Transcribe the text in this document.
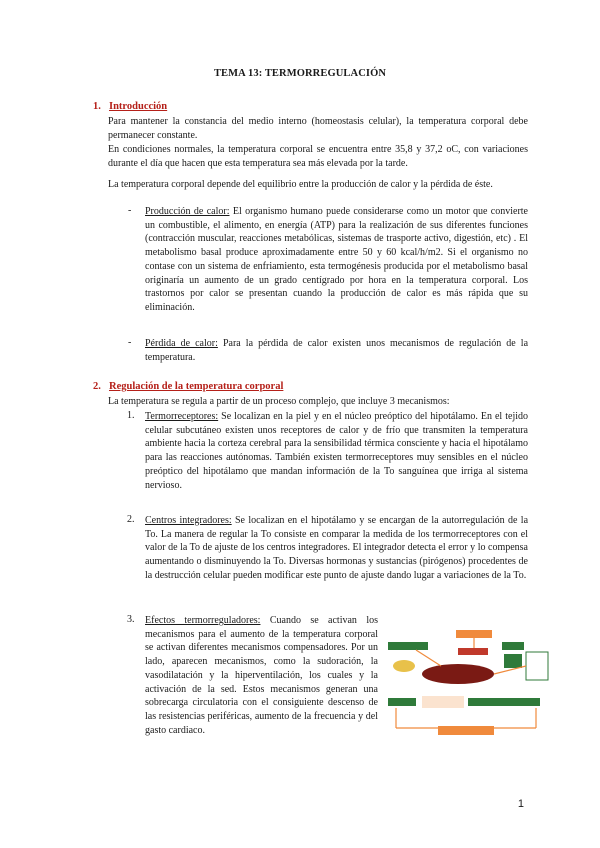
TEMA 13: TERMORREGULACIÓN
1. Introducción
Para mantener la constancia del medio interno (homeostasis celular), la temperatura corporal debe permanecer constante.
En condiciones normales, la temperatura corporal se encuentra entre 35,8 y 37,2 oC, con variaciones durante el día que hacen que esta temperatura sea más elevada por la tarde.
La temperatura corporal depende del equilibrio entre la producción de calor y la pérdida de éste.
- Producción de calor: El organismo humano puede considerarse como un motor que convierte un combustible, el alimento, en energía (ATP) para la realización de sus diferentes funciones (contracción muscular, reacciones metabólicas, sistemas de trasporte activo, digestión, etc) . El metabolismo basal produce aproximadamente entre 50 y 60 kcal/h/m2. Si el organismo no contase con un sistema de enfriamiento, esta termogénesis producida por el metabolismo basal originaría un aumento de un grado centígrado por hora en la temperatura corporal. Los trastornos por calor se presentan cuando la producción de calor es más rápida que su eliminación.
- Pérdida de calor: Para la pérdida de calor existen unos mecanismos de regulación de la temperatura.
2. Regulación de la temperatura corporal
La temperatura se regula a partir de un proceso complejo, que incluye 3 mecanismos:
1. Termorreceptores: Se localizan en la piel y en el núcleo preóptico del hipotálamo. En el tejido celular subcutáneo existen unos receptores de calor y de frío que transmiten la temperatura ambiente hacia la corteza cerebral para la sensibilidad térmica consciente y hacia el hipotálamo para las reacciones autónomas. También existen termorreceptores muy sensibles en el núcleo preóptico del hipotálamo que mandan información de la To sanguínea que irriga al sistema nervioso.
2. Centros integradores: Se localizan en el hipotálamo y se encargan de la autorregulación de la To. La manera de regular la To consiste en comparar la medida de los termorreceptores con el valor de la To de ajuste de los centros integradores. El integrador detecta el error y lo compensa aumentando o disminuyendo la To. Diversas hormonas y sustancias (pirógenos) procedentes de la destrucción celular pueden modificar este punto de ajuste dando lugar a variaciones de la To.
3. Efectos termorreguladores: Cuando se activan los mecanismos para el aumento de la temperatura corporal se activan diferentes mecanismos compensadores. Por un lado, aparecen mecanismos, como la sudoración, la vasodilatación y la hiperventilación, los cuales y la activación de la sed. Estos mecanismos generan una sobrecarga circulatoria con el consiguiente descenso de las resistencias periféricas, aumento de la frecuencia y del gasto cardiaco.
1
